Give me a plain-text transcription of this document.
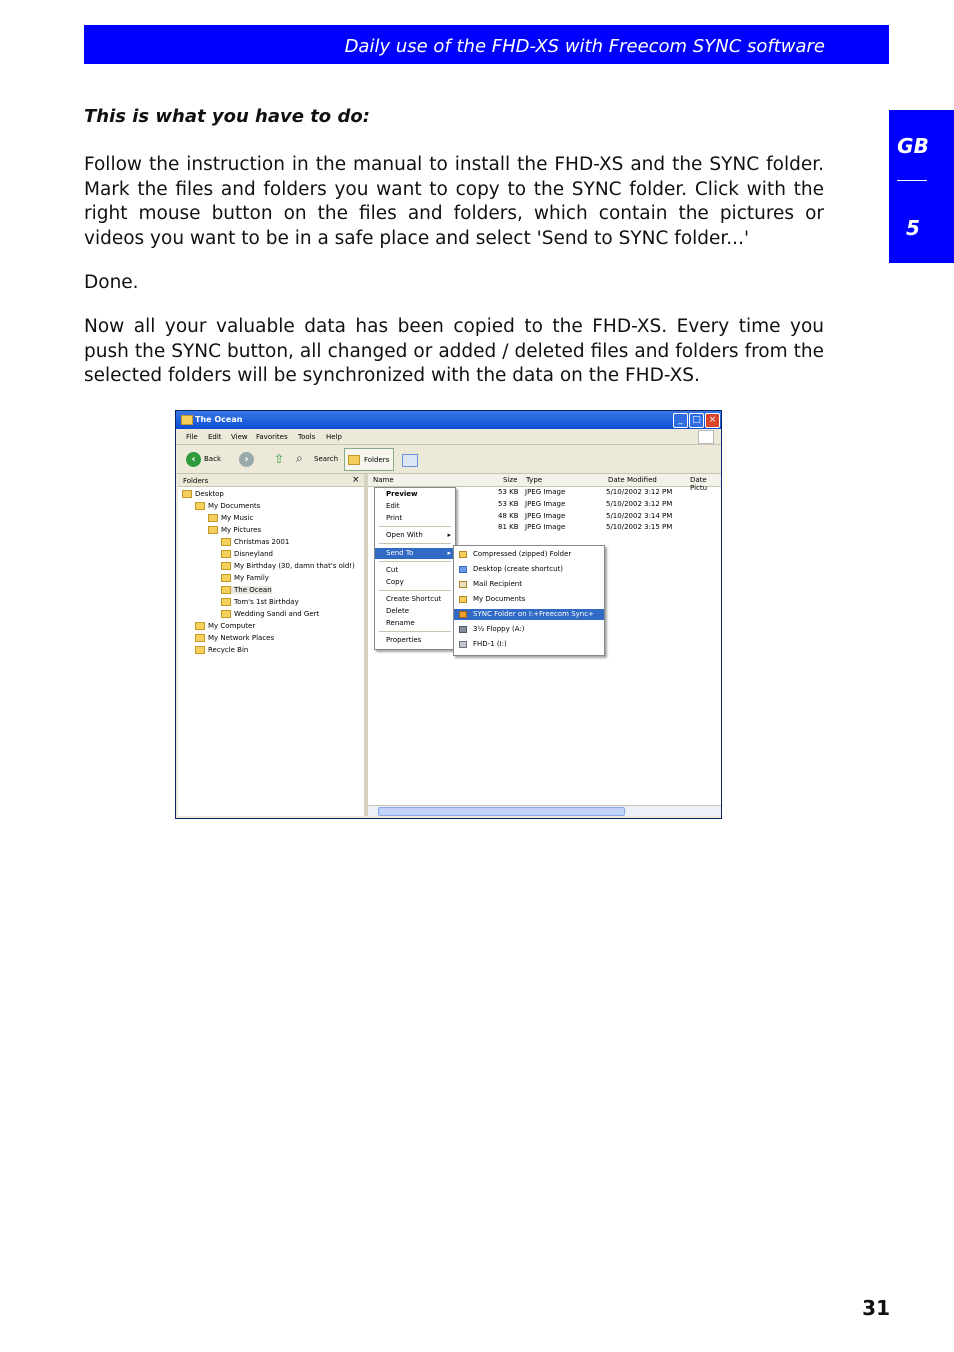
Daily use of the FHD-XS with Freecom SYNC software
GB
5
This is what you have to do:
Follow the instruction in the manual to install the FHD-XS and the SYNC folder. Mark the files and folders you want to copy to the SYNC folder. Click with the right mouse button on the files and folders, which contain the pictures or videos you want to be in a safe place and select 'Send to SYNC folder...'
Done.
Now all your valuable data has been copied to the FHD-XS. Every time you push the SYNC button, all changed or added / deleted files and folders from the selected folders will be synchronized with the data on the FHD-XS.
The Ocean	_	□ ×
File Edit View Favorites Tools Help
‹	Back	›	⇧ ⌕ Search	Folders
Folders	×
Desktop
My Documents
My Music
My Pictures
Christmas 2001
Disneyland
My Birthday (30, damn that's old!)
My Family
The Ocean
Tom's 1st Birthday
Wedding Sandi and Gert
My Computer
My Network Places
Recycle Bin
Name	Size Type	Date Modified	Date Pictu
53 KB JPEG Image	5/10/2002 3:12 PM
53 KB JPEG Image	5/10/2002 3:12 PM
48 KB JPEG Image	5/10/2002 3:14 PM
81 KB JPEG Image	5/10/2002 3:15 PM
Preview
Edit
Print
Open With	▸
Send To	▸
Cut
Copy
Create Shortcut
Delete
Rename
Properties
Compressed (zipped) Folder
Desktop (create shortcut)
Mail Recipient
My Documents
SYNC Folder on I:+Freecom Sync+
3½ Floppy (A:)
FHD-1 (I:)
31
